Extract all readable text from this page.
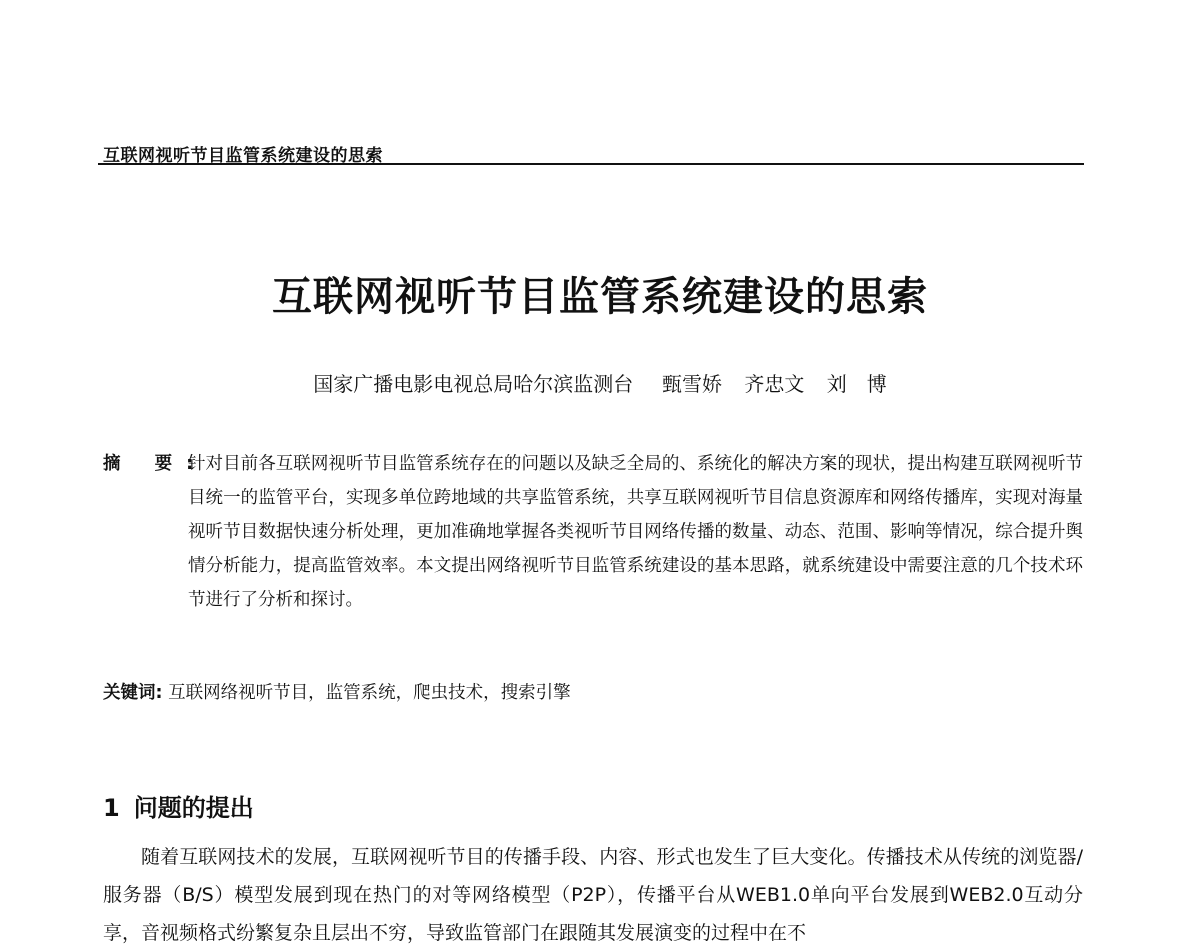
互联网视听节目监管系统建设的思索
互联网视听节目监管系统建设的思索
国家广播电影电视总局哈尔滨监测台 甄雪娇 齐忠文 刘　博
摘 要:
针对目前各互联网视听节目监管系统存在的问题以及缺乏全局的、系统化的解决方案的现状，提出构建互联网视听节目统一的监管平台，实现多单位跨地域的共享监管系统，共享互联网视听节目信息资源库和网络传播库，实现对海量视听节目数据快速分析处理，更加准确地掌握各类视听节目网络传播的数量、动态、范围、影响等情况，综合提升舆情分析能力，提高监管效率。本文提出网络视听节目监管系统建设的基本思路，就系统建设中需要注意的几个技术环节进行了分析和探讨。
关键词: 互联网络视听节目，监管系统，爬虫技术，搜索引擎
1 问题的提出

随着互联网技术的发展，互联网视听节目的传播手段、内容、形式也发生了巨大变化。传播技术从传统的浏览器/服务器（B/S）模型发展到现在热门的对等网络模型（P2P），传播平台从WEB1.0单向平台发展到WEB2.0互动分享，音视频格式纷繁复杂且层出不穷，导致监管部门在跟随其发展演变的过程中在不
